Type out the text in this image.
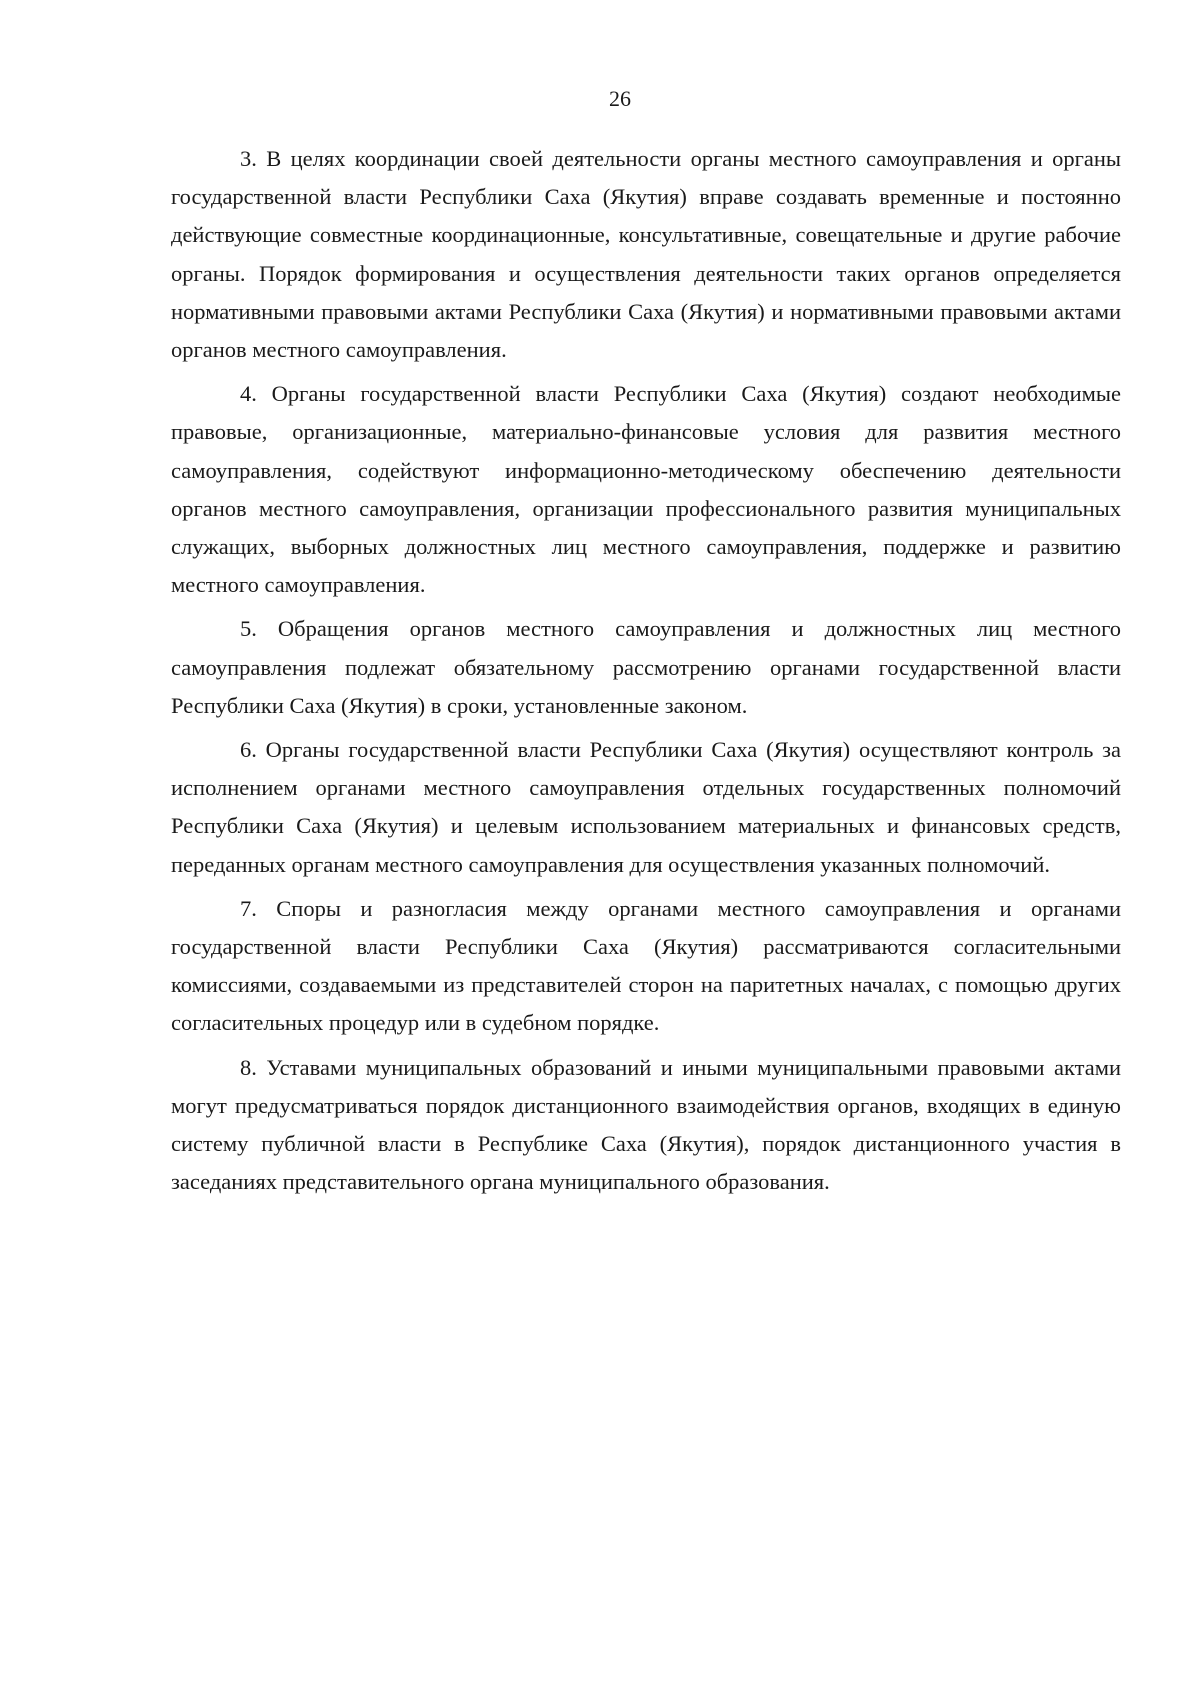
26

3. В целях координации своей деятельности органы местного самоуправления и органы государственной власти Республики Саха (Якутия) вправе создавать временные и постоянно действующие совместные координационные, консультативные, совещательные и другие рабочие органы. Порядок формирования и осуществления деятельности таких органов определяется нормативными правовыми актами Республики Саха (Якутия) и нормативными правовыми актами органов местного самоуправления.

4. Органы государственной власти Республики Саха (Якутия) создают необходимые правовые, организационные, материально-финансовые условия для развития местного самоуправления, содействуют информационно-методическому обеспечению деятельности органов местного самоуправления, организации профессионального развития муниципальных служащих, выборных должностных лиц местного самоуправления, поддержке и развитию местного самоуправления.

5. Обращения органов местного самоуправления и должностных лиц местного самоуправления подлежат обязательному рассмотрению органами государственной власти Республики Саха (Якутия) в сроки, установленные законом.

6. Органы государственной власти Республики Саха (Якутия) осуществляют контроль за исполнением органами местного самоуправления отдельных государственных полномочий Республики Саха (Якутия) и целевым использованием материальных и финансовых средств, переданных органам местного самоуправления для осуществления указанных полномочий.

7. Споры и разногласия между органами местного самоуправления и органами государственной власти Республики Саха (Якутия) рассматриваются согласительными комиссиями, создаваемыми из представителей сторон на паритетных началах, с помощью других согласительных процедур или в судебном порядке.

8. Уставами муниципальных образований и иными муниципальными правовыми актами могут предусматриваться порядок дистанционного взаимодействия органов, входящих в единую систему публичной власти в Республике Саха (Якутия), порядок дистанционного участия в заседаниях представительного органа муниципального образования.
